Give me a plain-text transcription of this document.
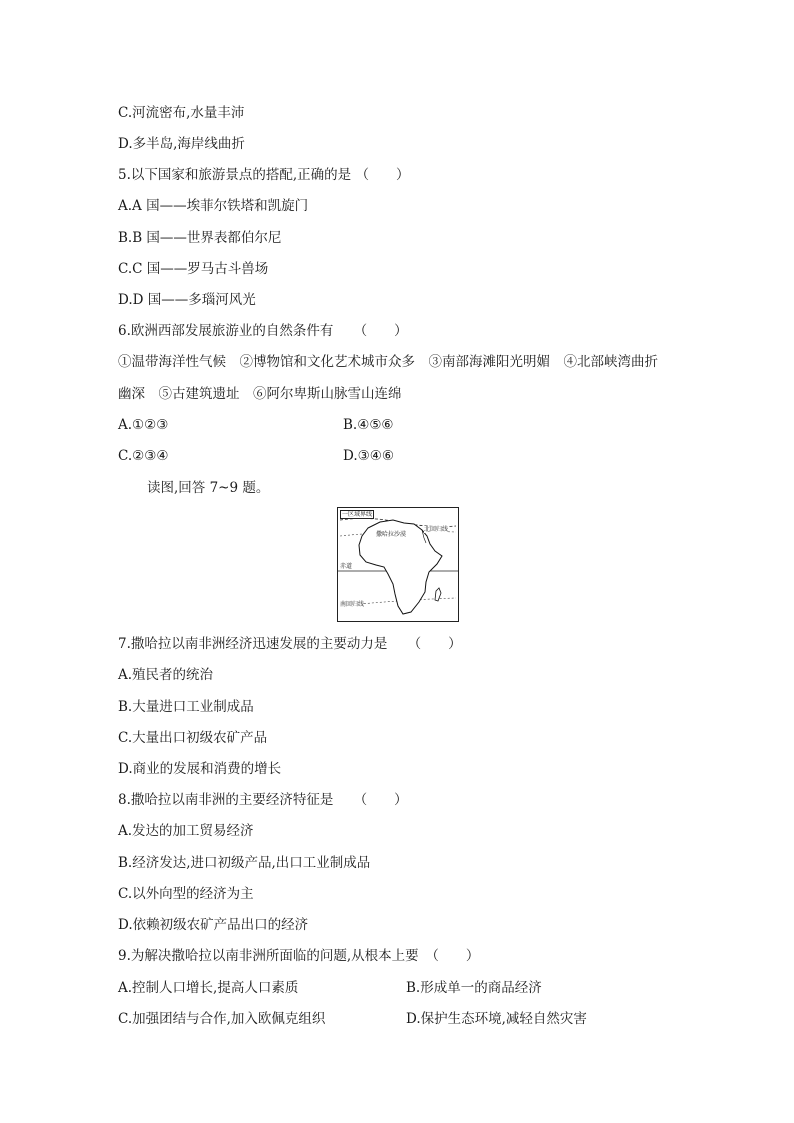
C.河流密布,水量丰沛
D.多半岛,海岸线曲折
5.以下国家和旅游景点的搭配,正确的是 （　　）
A.A 国——埃菲尔铁塔和凯旋门
B.B 国——世界表都伯尔尼
C.C 国——罗马古斗兽场
D.D 国——多瑙河风光
6.欧洲西部发展旅游业的自然条件有　　（　　）
①温带海洋性气候　②博物馆和文化艺术城市众多　③南部海滩阳光明媚　④北部峡湾曲折
幽深　⑤古建筑遗址　⑥阿尔卑斯山脉雪山连绵
A.①②③	B.④⑤⑥
C.②③④	D.③④⑥
读图,回答 7~9 题。
一区域界线
撒哈拉沙漠
北回归线
赤道
南回归线
7.撒哈拉以南非洲经济迅速发展的主要动力是　　（　　）
A.殖民者的统治
B.大量进口工业制成品
C.大量出口初级农矿产品
D.商业的发展和消费的增长
8.撒哈拉以南非洲的主要经济特征是　　（　　）
A.发达的加工贸易经济
B.经济发达,进口初级产品,出口工业制成品
C.以外向型的经济为主
D.依赖初级农矿产品出口的经济
9.为解决撒哈拉以南非洲所面临的问题,从根本上要　（　　）
A.控制人口增长,提高人口素质	B.形成单一的商品经济
C.加强团结与合作,加入欧佩克组织	D.保护生态环境,减轻自然灾害
